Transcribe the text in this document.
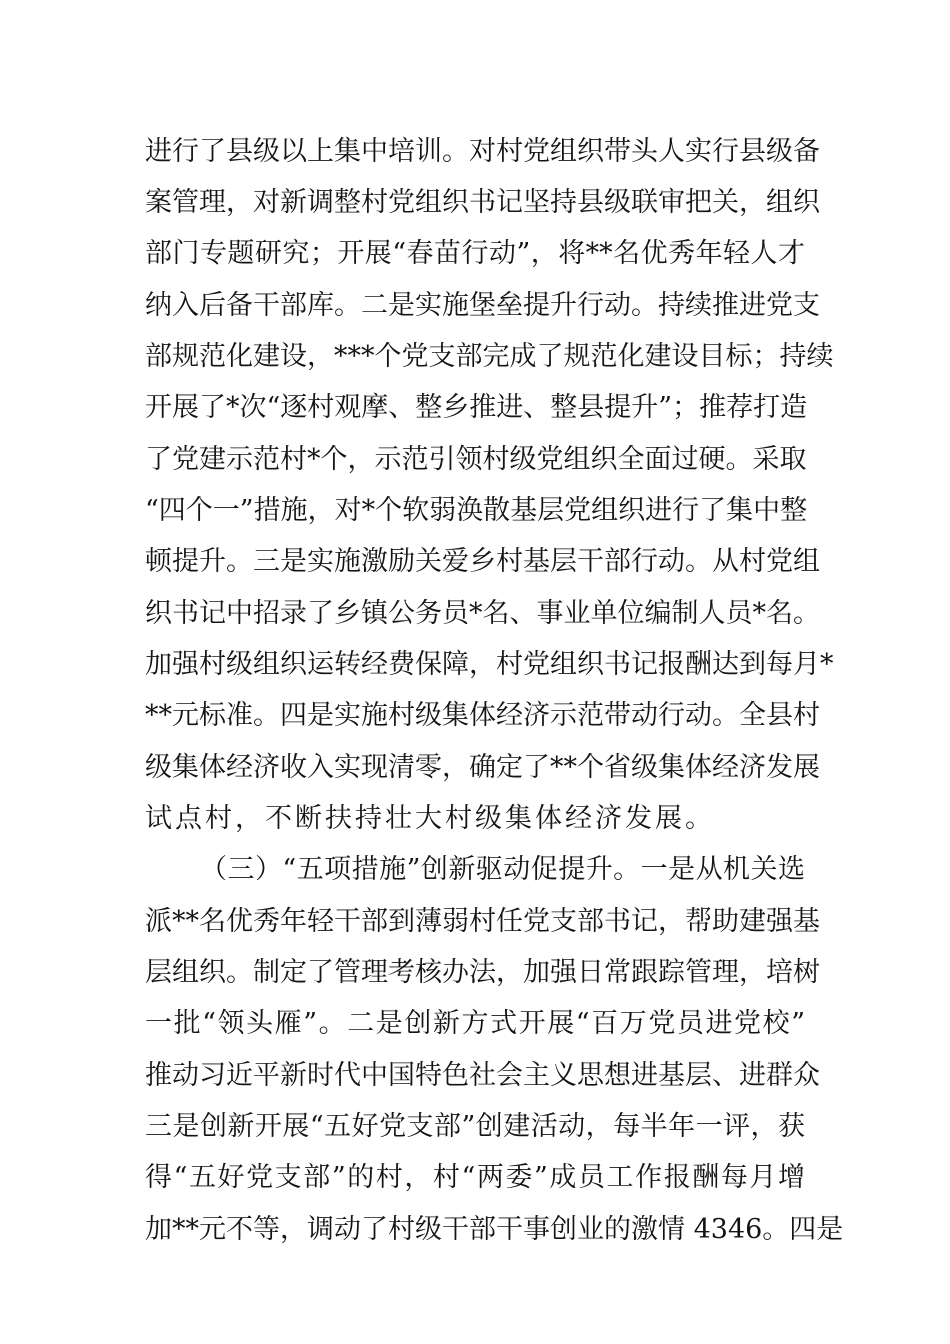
进行了县级以上集中培训。对村党组织带头人实行县级备
案管理，对新调整村党组织书记坚持县级联审把关，组织
部门专题研究；开展“春苗行动”，将**名优秀年轻人才
纳入后备干部库。二是实施堡垒提升行动。持续推进党支
部规范化建设，***个党支部完成了规范化建设目标；持续
开展了*次“逐村观摩、整乡推进、整县提升”；推荐打造
了党建示范村*个，示范引领村级党组织全面过硬。采取
“四个一”措施，对*个软弱涣散基层党组织进行了集中整
顿提升。三是实施激励关爱乡村基层干部行动。从村党组
织书记中招录了乡镇公务员*名、事业单位编制人员*名。
加强村级组织运转经费保障，村党组织书记报酬达到每月*
**元标准。四是实施村级集体经济示范带动行动。全县村
级集体经济收入实现清零，确定了**个省级集体经济发展
试点村，不断扶持壮大村级集体经济发展。
（三）“五项措施”创新驱动促提升。一是从机关选
派**名优秀年轻干部到薄弱村任党支部书记，帮助建强基
层组织。制定了管理考核办法，加强日常跟踪管理，培树
一批“领头雁”。二是创新方式开展“百万党员进党校”
推动习近平新时代中国特色社会主义思想进基层、进群众
三是创新开展“五好党支部”创建活动，每半年一评，获
得“五好党支部”的村，村“两委”成员工作报酬每月增
加**元不等，调动了村级干部干事创业的激情 4346。四是
